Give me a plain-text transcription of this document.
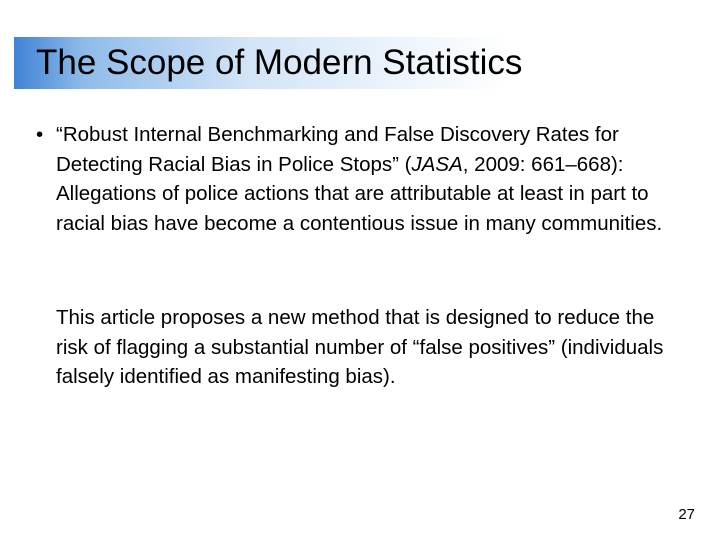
The Scope of Modern Statistics
• “Robust Internal Benchmarking and False Discovery Rates for Detecting Racial Bias in Police Stops” (JASA, 2009: 661–668): Allegations of police actions that are attributable at least in part to racial bias have become a contentious issue in many communities.
This article proposes a new method that is designed to reduce the risk of flagging a substantial number of “false positives” (individuals falsely identified as manifesting bias).
27
